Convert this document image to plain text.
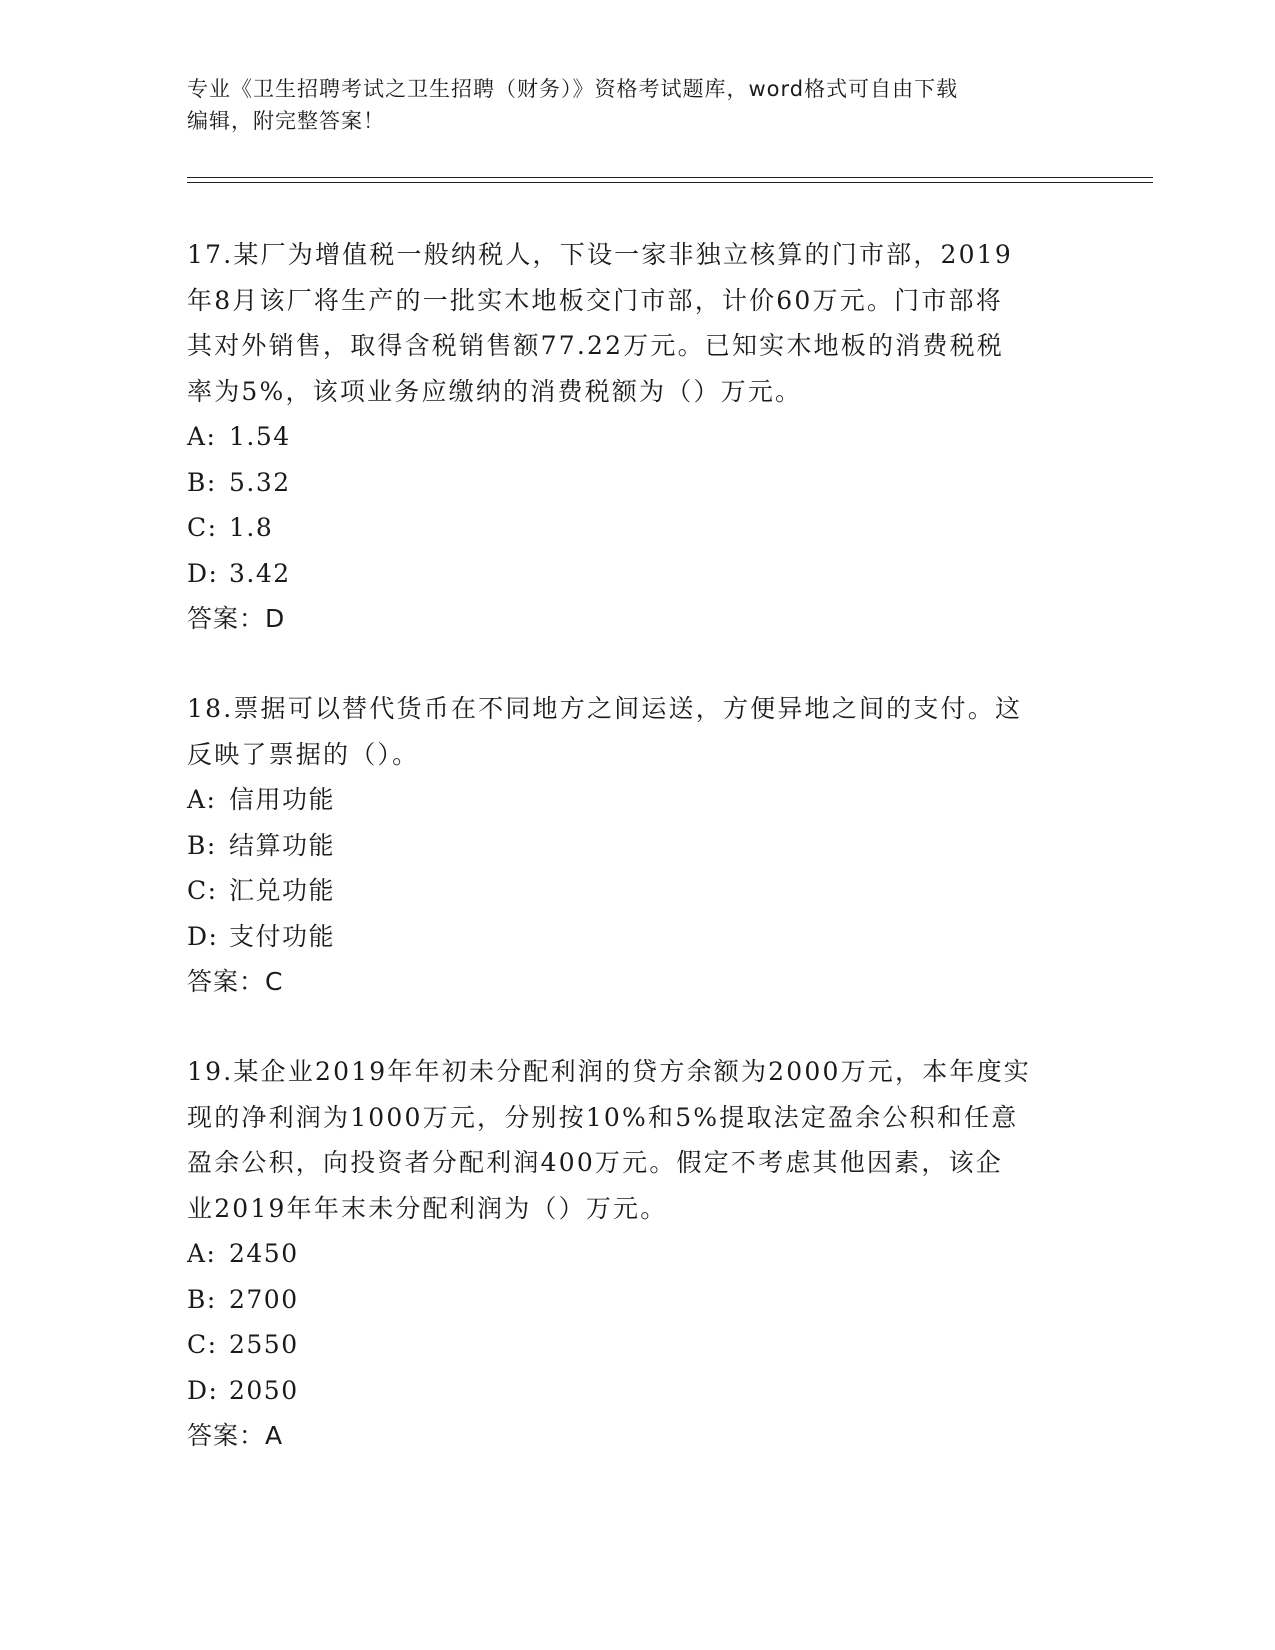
专业《卫生招聘考试之卫生招聘（财务）》资格考试题库，word格式可自由下载
编辑，附完整答案！
17.某厂为增值税一般纳税人，下设一家非独立核算的门市部，2019
年8月该厂将生产的一批实木地板交门市部，计价60万元。门市部将
其对外销售，取得含税销售额77.22万元。已知实木地板的消费税税
率为5%，该项业务应缴纳的消费税额为（）万元。
A: 1.54
B: 5.32
C: 1.8
D: 3.42
答案：D
18.票据可以替代货币在不同地方之间运送，方便异地之间的支付。这
反映了票据的（）。
A: 信用功能
B: 结算功能
C: 汇兑功能
D: 支付功能
答案：C
19.某企业2019年年初未分配利润的贷方余额为2000万元，本年度实
现的净利润为1000万元，分别按10%和5%提取法定盈余公积和任意
盈余公积，向投资者分配利润400万元。假定不考虑其他因素，该企
业2019年年末未分配利润为（）万元。
A: 2450
B: 2700
C: 2550
D: 2050
答案：A
